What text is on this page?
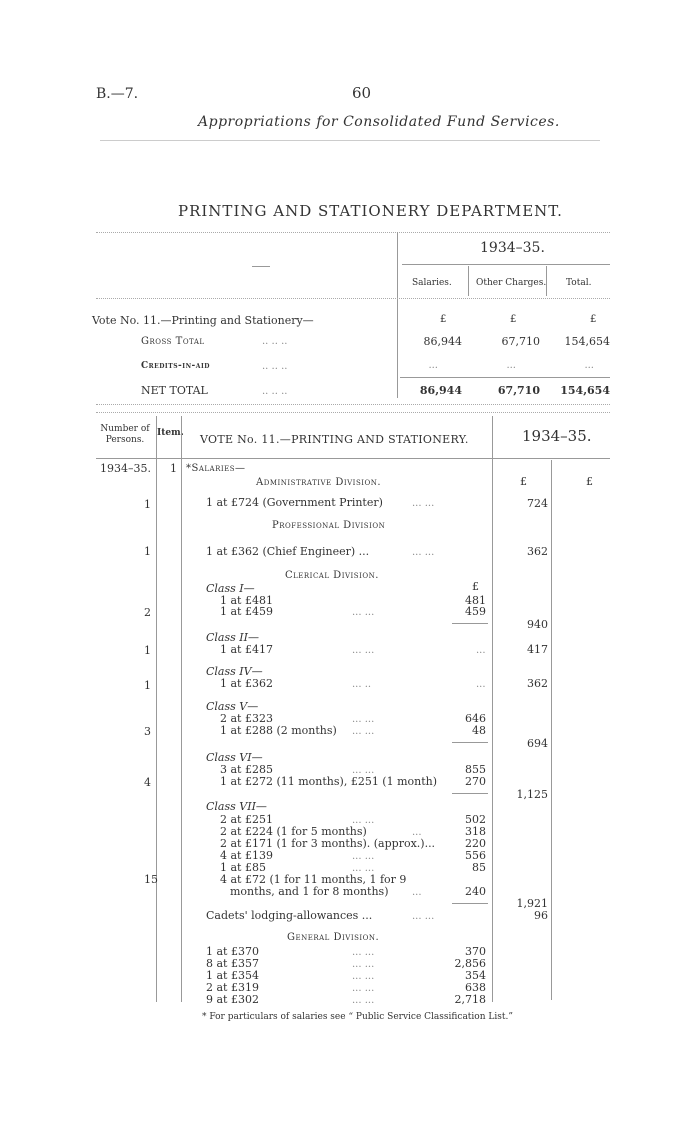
B.—7.	60
Appropriations for Consolidated Fund Services.
PRINTING AND STATIONERY DEPARTMENT.
1934–35.
Salaries.	Other Charges. Total.
Vote No. 11.—Printing and Stationery—	£	£	£
Gross Total	.. .. ..	86,944	67,710	154,654
Credits-in-aid	.. .. ..	...	...	...
NET TOTAL	.. .. ..	86,944	67,710	154,654
Number of Persons.
Item. VOTE No. 11.—PRINTING AND STATIONERY.	1934–35.
1934–35. 1 *Salaries—
Administrative Division.	£	£
1	1 at £724 (Government Printer)	... ...	724
Professional Division
1	1 at £362 (Chief Engineer) ...	... ...	362
Clerical Division.
Class I—	£
1 at £481	481
2	1 at £459	... ...	459
940
Class II—
1	1 at £417	... ...	...	417
Class IV—
1	1 at £362	... ..	...	362
Class V—
2 at £323	... ...	646
3	1 at £288 (2 months) ... ...	48
694
Class VI—
3 at £285	... ...	855
4	1 at £272 (11 months), £251 (1 month)	270
1,125
Class VII—
2 at £251	... ...	502
2 at £224 (1 for 5 months)	...	318
2 at £171 (1 for 3 months). (approx.)...	220
4 at £139	... ...	556
1 at £85	... ...	85
15	4 at £72 (1 for 11 months, 1 for 9
months, and 1 for 8 months) ...	240
1,921
Cadets' lodging-allowances ...	... ...	96
General Division.
1 at £370	... ...	370
8 at £357	... ...	2,856
1 at £354	... ...	354
2 at £319	... ...	638
9 at £302	... ...	2,718
* For particulars of salaries see “ Public Service Classification List.”
